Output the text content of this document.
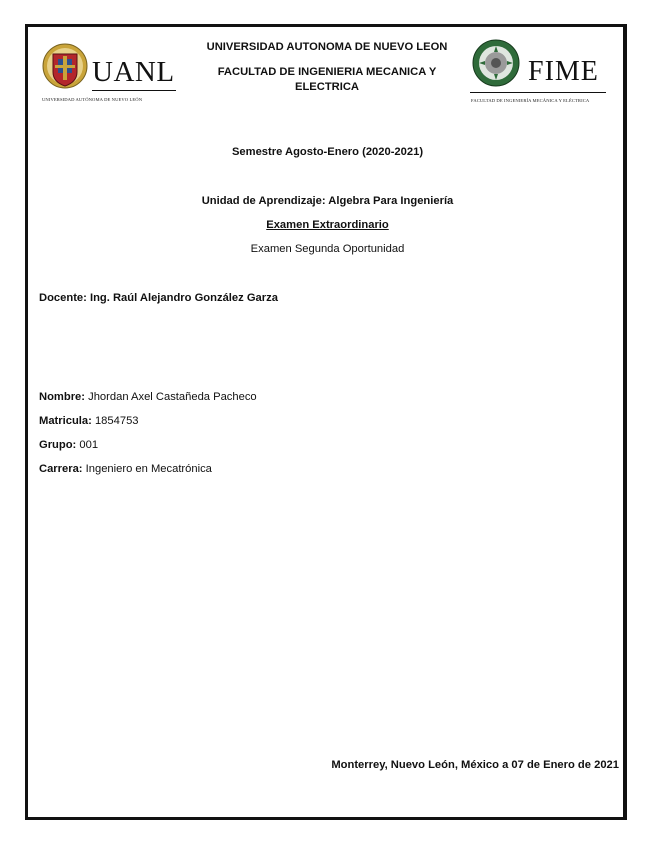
UANL
UNIVERSIDAD AUTÓNOMA DE NUEVO LEÓN
UNIVERSIDAD AUTONOMA DE NUEVO LEON
FACULTAD DE INGENIERIA MECANICA Y ELECTRICA	FIME
FACULTAD DE INGENIERÍA MECÁNICA Y ELÉCTRICA
Semestre Agosto-Enero (2020-2021)
Unidad de Aprendizaje: Algebra Para Ingeniería
Examen Extraordinario
Examen Segunda Oportunidad
Docente: Ing. Raúl Alejandro González Garza
Nombre: Jhordan Axel Castañeda Pacheco
Matricula: 1854753
Grupo: 001
Carrera: Ingeniero en Mecatrónica
Monterrey, Nuevo León, México a 07 de Enero de 2021
